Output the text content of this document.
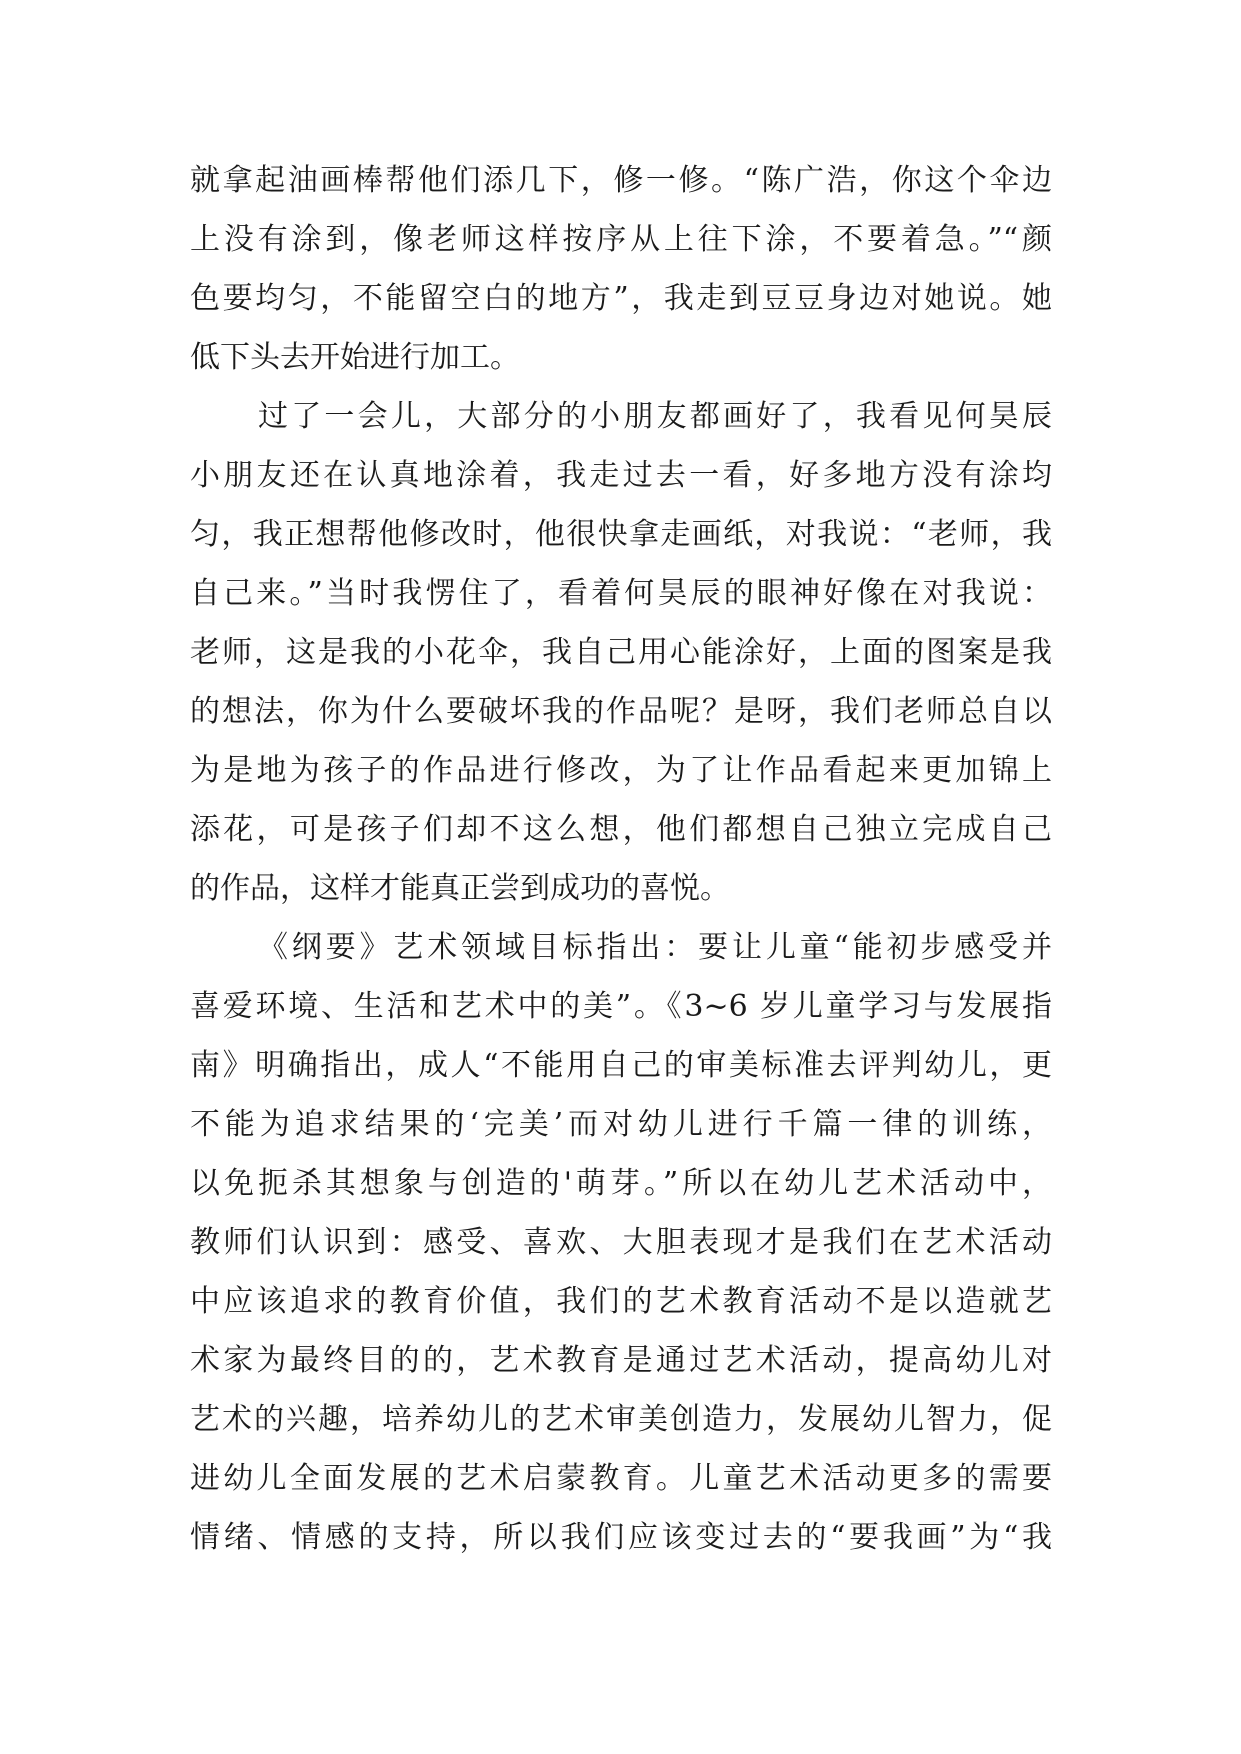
就拿起油画棒帮他们添几下，修一修。“陈广浩，你这个伞边
上没有涂到，像老师这样按序从上往下涂，不要着急。”“颜
色要均匀，不能留空白的地方”，我走到豆豆身边对她说。她
低下头去开始进行加工。
过了一会儿，大部分的小朋友都画好了，我看见何昊辰
小朋友还在认真地涂着，我走过去一看，好多地方没有涂均
匀，我正想帮他修改时，他很快拿走画纸，对我说：“老师，我
自己来。”当时我愣住了，看着何昊辰的眼神好像在对我说：
老师，这是我的小花伞，我自己用心能涂好，上面的图案是我
的想法，你为什么要破坏我的作品呢？是呀，我们老师总自以
为是地为孩子的作品进行修改，为了让作品看起来更加锦上
添花，可是孩子们却不这么想，他们都想自己独立完成自己
的作品，这样才能真正尝到成功的喜悦。
《纲要》艺术领域目标指出：要让儿童“能初步感受并
喜爱环境、生活和艺术中的美”。《3~6 岁儿童学习与发展指
南》明确指出，成人“不能用自己的审美标准去评判幼儿，更
不能为追求结果的‘完美’而对幼儿进行千篇一律的训练，
以免扼杀其想象与创造的'萌芽。”所以在幼儿艺术活动中，
教师们认识到：感受、喜欢、大胆表现才是我们在艺术活动
中应该追求的教育价值，我们的艺术教育活动不是以造就艺
术家为最终目的的，艺术教育是通过艺术活动，提高幼儿对
艺术的兴趣，培养幼儿的艺术审美创造力，发展幼儿智力，促
进幼儿全面发展的艺术启蒙教育。儿童艺术活动更多的需要
情绪、情感的支持，所以我们应该变过去的“要我画”为“我
